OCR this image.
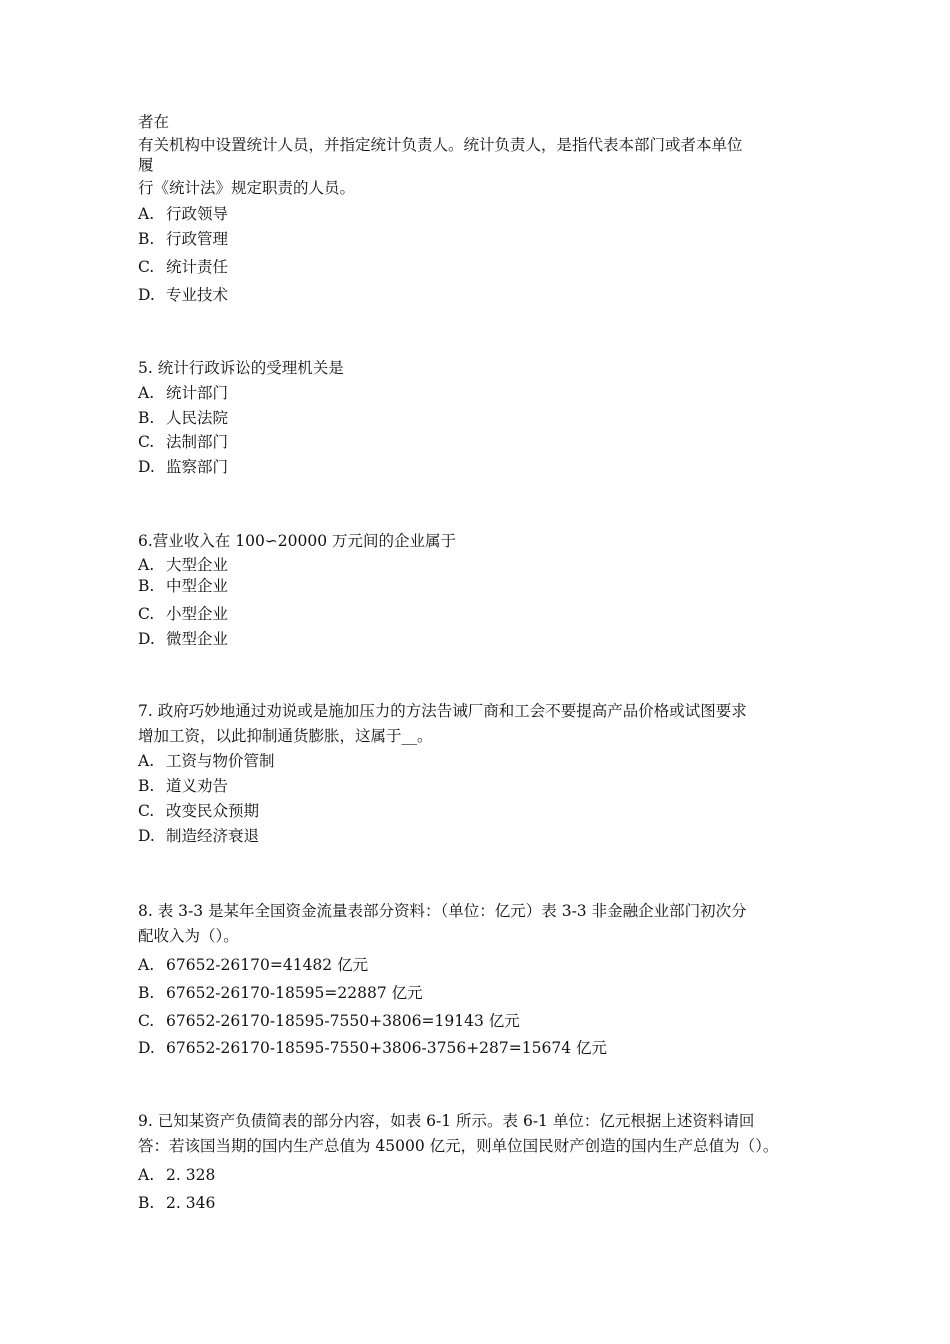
者在
有关机构中设置统计人员，并指定统计负责人。统计负责人，是指代表本部门或者本单位
履
行《统计法》规定职责的人员。
A. 行政领导
B. 行政管理
C. 统计责任
D. 专业技术
5. 统计行政诉讼的受理机关是
A. 统计部门
B. 人民法院
C. 法制部门
D. 监察部门
6.营业收入在 100∽20000 万元间的企业属于
A. 大型企业
B. 中型企业
C. 小型企业
D. 微型企业
7. 政府巧妙地通过劝说或是施加压力的方法告诫厂商和工会不要提高产品价格或试图要求
增加工资，以此抑制通货膨胀，这属于__。
A. 工资与物价管制
B. 道义劝告
C. 改变民众预期
D. 制造经济衰退
8. 表 3-3 是某年全国资金流量表部分资料：（单位：亿元）表 3-3 非金融企业部门初次分
配收入为（）。
A. 67652-26170=41482 亿元
B. 67652-26170-18595=22887 亿元
C. 67652-26170-18595-7550+3806=19143 亿元
D. 67652-26170-18595-7550+3806-3756+287=15674 亿元
9. 已知某资产负债简表的部分内容，如表 6-1 所示。表 6-1 单位：亿元根据上述资料请回
答：若该国当期的国内生产总值为 45000 亿元，则单位国民财产创造的国内生产总值为（）。
A. 2. 328
B. 2. 346
